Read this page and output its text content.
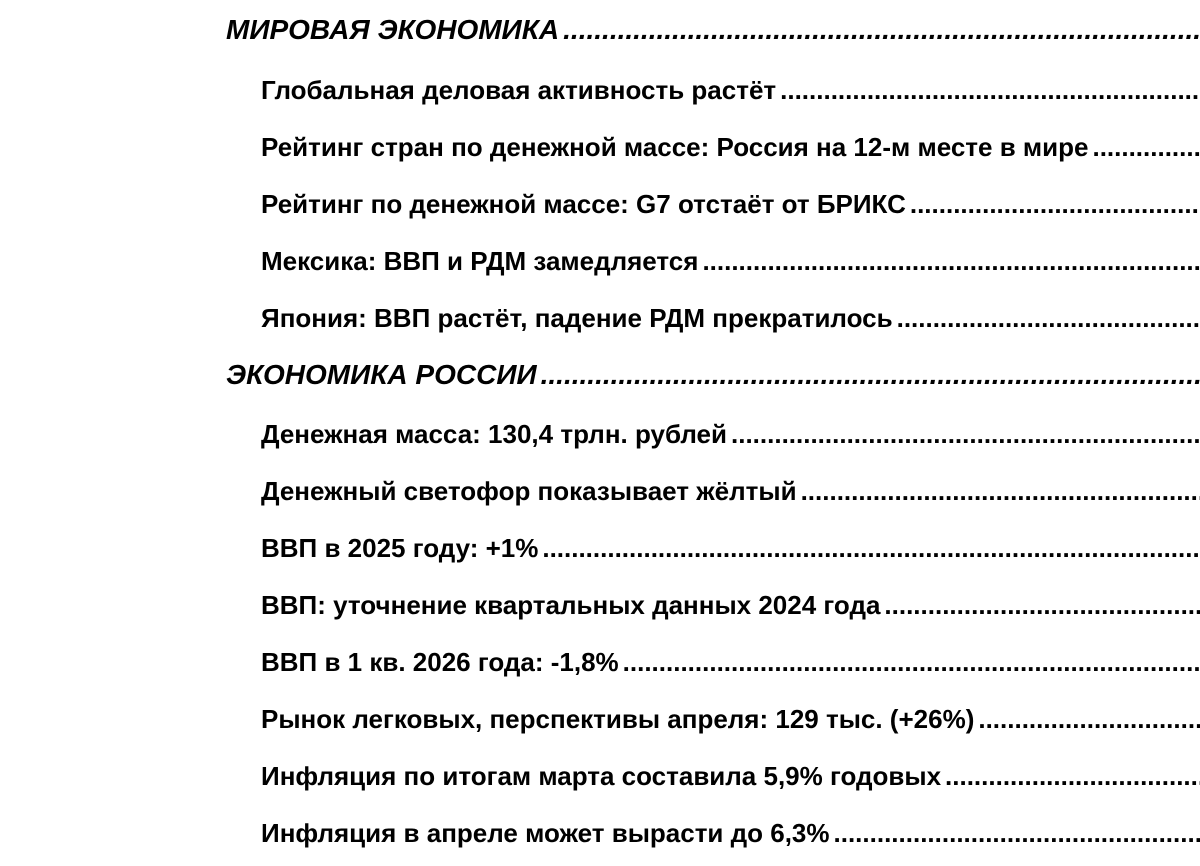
МИРОВАЯ ЭКОНОМИКА
.....
Глобальная деловая активность растёт
.....
Рейтинг стран по денежной массе: Россия на 12-м месте в мире
.....
Рейтинг по денежной массе: G7 отстаёт от БРИКС
.....
Мексика: ВВП и РДМ замедляется
.....
Япония: ВВП растёт, падение РДМ прекратилось
.....
ЭКОНОМИКА РОССИИ
.....
Денежная масса: 130,4 трлн. рублей
.....
Денежный светофор показывает жёлтый
.....
ВВП в 2025 году: +1%
.....
ВВП: уточнение квартальных данных 2024 года
.....
ВВП в 1 кв. 2026 года: -1,8%
.....
Рынок легковых, перспективы апреля: 129 тыс. (+26%)
.....
Инфляция по итогам марта составила 5,9% годовых
.....
Инфляция в апреле может вырасти до 6,3%
.....
